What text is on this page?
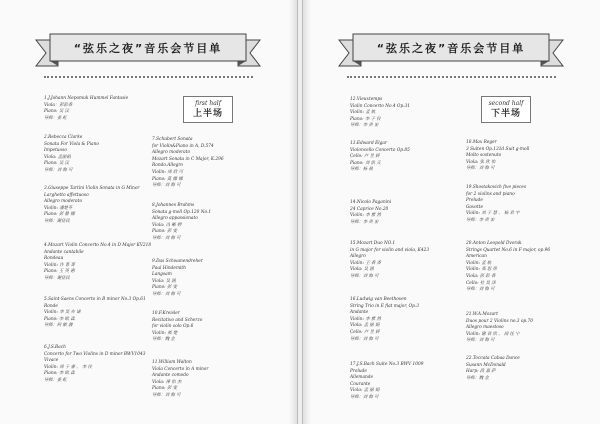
“弦乐之夜”音乐会节目单
first half
上半场
1.J.Johann Nepomuk Hummel Fantasie
Viola：彭彩香
Piano: 吴 汉
导师：姜 虹
2.Rebecca Clarke
Sonata For Viola & Piano
Impetuoso
Viola: 孟丽娟
Piano: 吴 汉
导师：刘 海 可
3.Giuseppe Tartini Violin Sonata in G Minor
Larghetto affettuoso
Allegro moderato
Violin: 潘楚苓
Piano: 彭 静 娜
导师：谢佳民
4.Mozart Violin Concerto No.4 in D Major KV218
Andante cantabile
Rondeau
Violin: 许 菁 菁
Piano: 王 英 惠
导师：谢佳民
5.Saint-Saens Concerto in B minor No.3 Op.61
Ronde
Violin: 李 昊 亦 诺
Piano: 李 欧 森
导师：何 敏 骏
6.J.S.Bach
Concerto for Two Violins in D minor BWV1043
Vivace
Violin: 周 子 睿 、 李 仪
Piano: 李 欧 森
导师：姜 虹
7.Schubert Sonata
for Violin&Piano in A, D.574
Allegro moderato
Mozart Sonata in C Major, K.296
Rondo.Allegro
Violin: 周 欣 可
Piano: 莫 娜 娜
导师：刘 海 可
8.Johannes Brahms
Sonata g-moll Op.120 No.1
Allegro appassionato
Viola: 冯 晰 婷
Piano: 彭 雯
导师：刘 海 可
9.Das Schwanendreher
Paul Hindemith
Langsam
Viola: 吴 涵
Piano: 彭 雯
导师：刘 海 可
10.F.Kreisler
Recitativo and Scherzo
for violin solo Op.6
Violin: 郝 楚
导师：魏 金
11.William Walton
Viola Concerto in A minor
Andante comodo
Viola: 律 怡 杰
Piano: 彭 雯
导师：刘 海 可
“弦乐之夜”音乐会节目单
second half
下半场
12.Vieuxtemps
Violin Concerto No.4 Op.31
Violin: 孟 航
Piano: 李 子 仪
导师：李 贵 宏
13.Edward Elgar
Violoncello Concerto Op.85
Cello: 卢 昱 妍
Piano: 刘 浩 天
导师：杨 晨
14.Nicolo Paganini
24 Caprice No.20
Violin: 李 紫 然
导师：李 贵 宏
15.Mozart Duo NO.1
in G major for violin and viola, K423
Allegro
Violin: 王 香 香
Viola: 吴 涵
导师：刘 海 可
16.Ludwig van Beethoven
String Trio in E flat major, Op.3
Andante
Violin: 李 紫 然
Viola: 孟 丽 娟
Cello: 卢 昱 妍
导师：刘 海 可
17.J.S.Bach Suite No.3 BWV 1009
Prelude
Allemande
Courante
Viola: 孟 丽 娟
导师：刘 海 可
18.Max Reger
3 Suiten Op.131d Suit g-moll
Molto sostenuto
Viola: 张 欣 怡
导师：刘 海 可
19.Shostakovich five pieces
for 2 violins and piano
Prelude
Gavotte
Violin: 刘 子 慧 、 杨 君 宇
导师：李 贵 宏
20.Anton Leopold Dvorak
Strings Quartet No.6 in F major, op.96
American
Violin: 孟 航
Violin: 郑 思 彤
Viola: 彭 彩 香
Cello: 杜 昊 泽
导师：刘 海 可
21.W.A.Mozart
Duos pour 2 Violins no.3 op.70
Allegro maestoso
Violin: 谢 晋 欣 、 闻 佳 宁
导师：刘 海 可
22.Toccata Cabaa Dance
Susann McDonald
Harp: 段 嘉 萨
导师：魏 金
